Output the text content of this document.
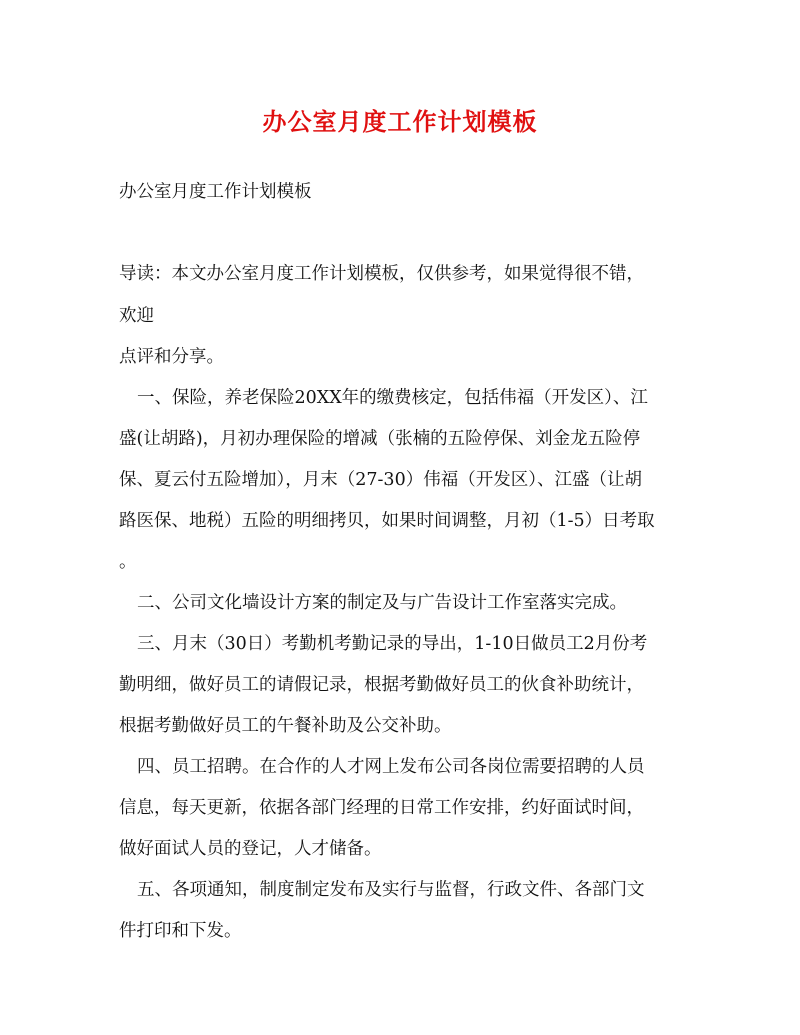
办公室月度工作计划模板
办公室月度工作计划模板
导读：本文办公室月度工作计划模板，仅供参考，如果觉得很不错，
欢迎
点评和分享。
一、保险，养老保险20XX年的缴费核定，包括伟福（开发区）、江
盛(让胡路)，月初办理保险的增减（张楠的五险停保、刘金龙五险停
保、夏云付五险增加），月末（27-30）伟福（开发区）、江盛（让胡
路医保、地税）五险的明细拷贝，如果时间调整，月初（1-5）日考取
。
二、公司文化墙设计方案的制定及与广告设计工作室落实完成。
三、月末（30日）考勤机考勤记录的导出，1-10日做员工2月份考
勤明细，做好员工的请假记录，根据考勤做好员工的伙食补助统计，
根据考勤做好员工的午餐补助及公交补助。
四、员工招聘。在合作的人才网上发布公司各岗位需要招聘的人员
信息，每天更新，依据各部门经理的日常工作安排，约好面试时间，
做好面试人员的登记，人才储备。
五、各项通知，制度制定发布及实行与监督，行政文件、各部门文
件打印和下发。
